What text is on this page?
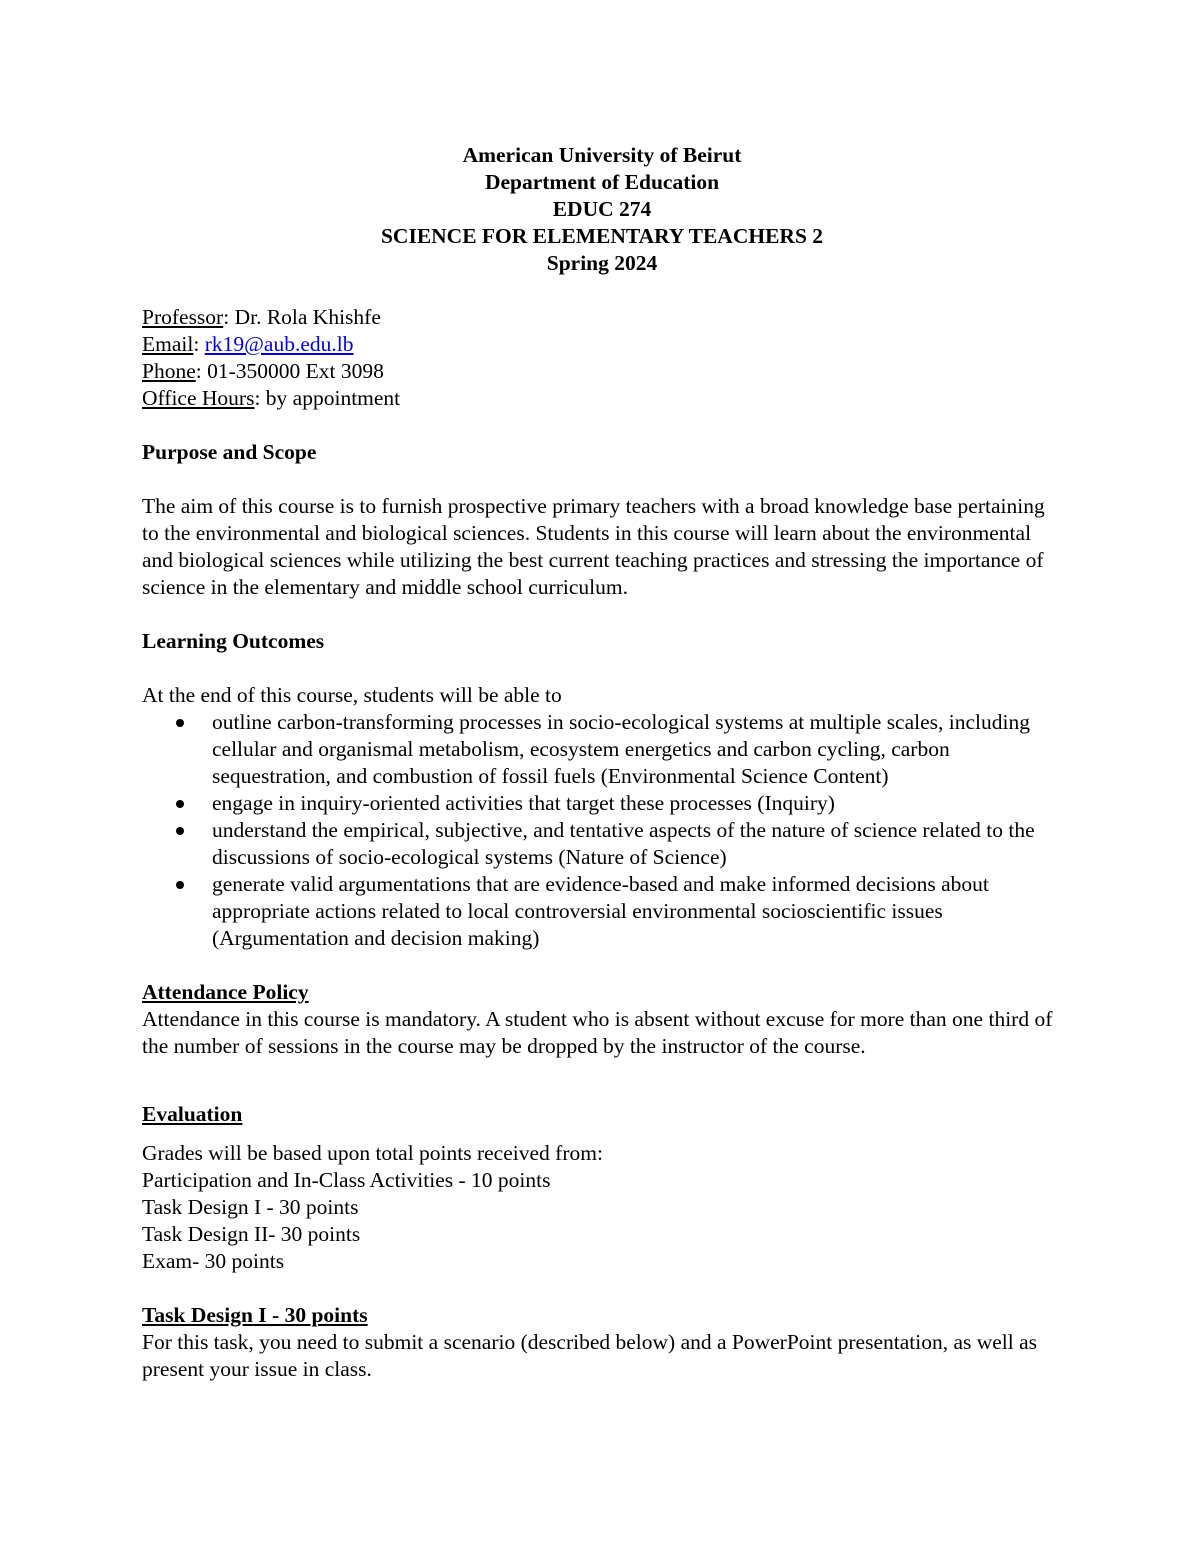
American University of Beirut
Department of Education
EDUC 274
SCIENCE FOR ELEMENTARY TEACHERS 2
Spring 2024
Professor: Dr. Rola Khishfe
Email: rk19@aub.edu.lb
Phone: 01-350000 Ext 3098
Office Hours: by appointment
Purpose and Scope

The aim of this course is to furnish prospective primary teachers with a broad knowledge base pertaining to the environmental and biological sciences. Students in this course will learn about the environmental and biological sciences while utilizing the best current teaching practices and stressing the importance of science in the elementary and middle school curriculum.

Learning Outcomes
At the end of this course, students will be able to
outline carbon-transforming processes in socio-ecological systems at multiple scales, including cellular and organismal metabolism, ecosystem energetics and carbon cycling, carbon sequestration, and combustion of fossil fuels (Environmental Science Content)
engage in inquiry-oriented activities that target these processes (Inquiry)
understand the empirical, subjective, and tentative aspects of the nature of science related to the discussions of socio-ecological systems (Nature of Science)
generate valid argumentations that are evidence-based and make informed decisions about appropriate actions related to local controversial environmental socioscientific issues (Argumentation and decision making)
Attendance Policy

Attendance in this course is mandatory. A student who is absent without excuse for more than one third of the number of sessions in the course may be dropped by the instructor of the course.

Evaluation
Grades will be based upon total points received from:
Participation and In-Class Activities - 10 points
Task Design I - 30 points
Task Design II- 30 points
Exam- 30 points
Task Design I - 30 points

For this task, you need to submit a scenario (described below) and a PowerPoint presentation, as well as present your issue in class.
